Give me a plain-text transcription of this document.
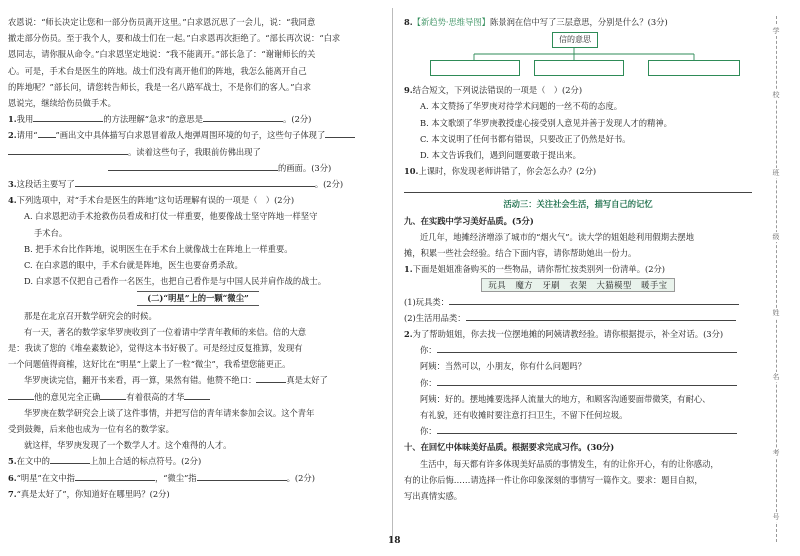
农恩说：“师长决定让您和一部分伤员离开这里。”白求恩沉思了一会儿，说：“我同意

撤走部分伤员。至于我个人，要和战士们在一起。”白求恩再次拒绝了。“部长再次说：“白求

恩同志，请你服从命令。”白求恩坚定地说：“我不能离开。”部长急了：“谢谢师长的关

心。可是，手术台是医生的阵地。战士们没有离开他们的阵地，我怎么能离开自己

的阵地呢？”部长问，请您转告师长，我是一名八路军战士，不是你们的客人。”白求

恩说完，继续给伤员做手术。

1.我用	的方法理解“急求”的意思是	。(2分)

2.请用“ ”画出文中具体描写白求恩冒着敌人炮弹周围环境的句子，这些句子体现了

。读着这些句子，我眼前仿佛出现了

的画面。(3分)

3.这段话主要写了	。(2分)

4.下列选项中，对“手术台是医生的阵地”这句话理解有误的一项是（　）(2分)

A. 白求恩把动手术抢救伤员看成和打仗一样重要，他要像战士坚守阵地一样坚守

手术台。

B. 把手术台比作阵地，说明医生在手术台上就像战士在阵地上一样重要。

C. 在白求恩的眼中，手术台就是阵地，医生也要奋勇杀敌。

D. 白求恩不仅把自己看作一名医生，也把自己看作是与中国人民并肩作战的战士。

(二)“明星”上的一颗“微尘”

那是在北京召开数学研究会的时候。

有一天，著名的数学家华罗庚收到了一位着请中学青年教师的来信。信的大意

是：我读了您的《堆垒素数论》，觉得这本书好极了。可是经过反复推算，发现有

一个问题值得商榷，这好比在“明星”上蒙上了一粒“微尘”，我希望您能更正。

华罗庚读完信，翻开书来看，再一算，果然有错。他赞不绝口：	真是太好了

他的意见完全正确	有着很高的才华

华罗庚在数学研究会上谈了这件事情，并把写信的青年请来参加会议。这个青年

受到鼓舞，后来他也成为一位有名的数学家。

就这样，华罗庚发现了一个数学人才。这个难得的人才。

5.在文中的	上加上合适的标点符号。(2分)

6.“明星”在文中指	，“微尘”指	。(2分)

7.“真是太好了”，你知道好在哪里吗？(2分)

8.【新趋势·思维导图】陈景润在信中写了三层意思，分别是什么？(3分)

信的意思

9.结合短文，下列说法错误的一项是（　）(2分)

A. 本文赞扬了华罗庚对待学术问题的一丝不苟的态度。

B. 本文歌颂了华罗庚教授虚心接受别人意见并善于发现人才的精神。

C. 本文说明了任何书都有错误，只要改正了仍然是好书。

D. 本文告诉我们，遇到问题要敢于提出来。

10.上课时，你发现老师讲错了，你会怎么办？(2分)

活动三：关注社会生活，描写自己的记忆

九、在实践中学习美好品质。(5分)

近几年，地摊经济增添了城市的“烟火气”。读大学的姐姐趁利用假期去摆地

摊，积累一些社会经验。结合下面内容，请你帮助她出一份力。

1.下面是姐姐准备购买的一些物品，请你帮忙按类别列一份清单。(2分)

玩具 魔方 牙刷 衣架 大猫模型 暖手宝

(1)玩具类：

(2)生活用品类：

2.为了帮助姐姐，你去找一位摆地摊的阿姨请教经验。请你根据提示，补全对话。(3分)

你：

阿姨：当然可以，小朋友，你有什么问题吗？

你：

阿姨：好的。摆地摊要选择人流量大的地方，和顾客沟通要面带微笑，有耐心、

有礼貌，还有收摊时要注意打扫卫生，不留下任何垃圾。

你：

十、在回忆中体味美好品质。根据要求完成习作。(30分)

生活中，每天都有许多体现美好品质的事情发生，有的让你开心，有的让你感动，

有的让你后悔……请选择一件让你印象深刻的事情写一篇作文。要求：题目自拟，

写出真情实感。

18
学
校
班
级
姓
名
考
号
